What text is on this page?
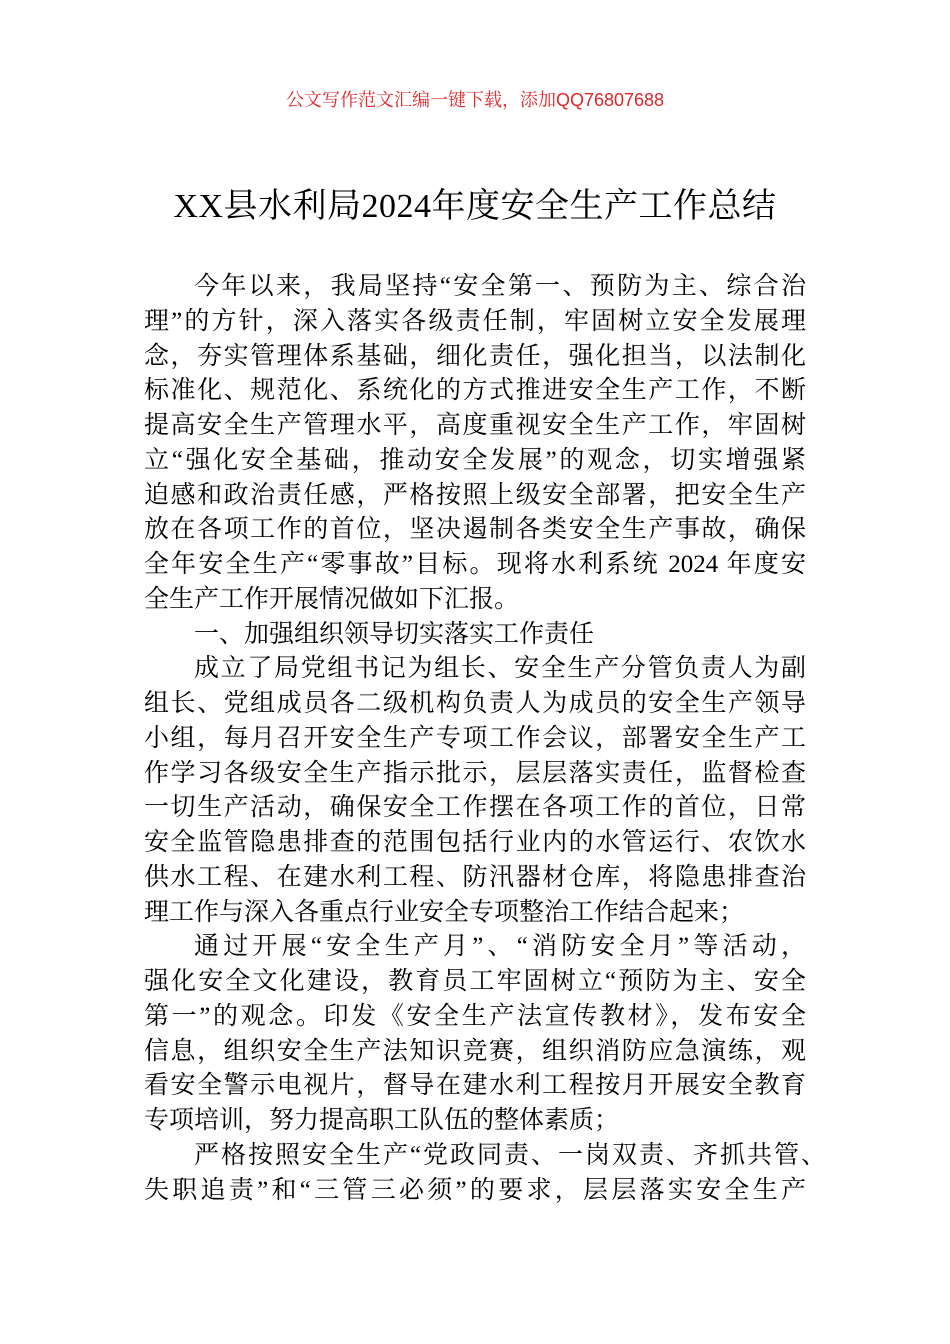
公文写作范文汇编一键下载，添加QQ76807688
XX县水利局2024年度安全生产工作总结
今年以来，我局坚持“安全第一、预防为主、综合治
理”的方针，深入落实各级责任制，牢固树立安全发展理
念，夯实管理体系基础，细化责任，强化担当，以法制化
标准化、规范化、系统化的方式推进安全生产工作，不断
提高安全生产管理水平，高度重视安全生产工作，牢固树
立“强化安全基础，推动安全发展”的观念，切实增强紧
迫感和政治责任感，严格按照上级安全部署，把安全生产
放在各项工作的首位，坚决遏制各类安全生产事故，确保
全年安全生产“零事故”目标。现将水利系统 2024 年度安
全生产工作开展情况做如下汇报。
一、加强组织领导切实落实工作责任
成立了局党组书记为组长、安全生产分管负责人为副
组长、党组成员各二级机构负责人为成员的安全生产领导
小组，每月召开安全生产专项工作会议，部署安全生产工
作学习各级安全生产指示批示，层层落实责任，监督检查
一切生产活动，确保安全工作摆在各项工作的首位，日常
安全监管隐患排查的范围包括行业内的水管运行、农饮水
供水工程、在建水利工程、防汛器材仓库，将隐患排查治
理工作与深入各重点行业安全专项整治工作结合起来；
通过开展“安全生产月”、“消防安全月”等活动，
强化安全文化建设，教育员工牢固树立“预防为主、安全
第一”的观念。印发《安全生产法宣传教材》，发布安全
信息，组织安全生产法知识竞赛，组织消防应急演练，观
看安全警示电视片，督导在建水利工程按月开展安全教育
专项培训，努力提高职工队伍的整体素质；
严格按照安全生产“党政同责、一岗双责、齐抓共管、
失职追责”和“三管三必须”的要求，层层落实安全生产
